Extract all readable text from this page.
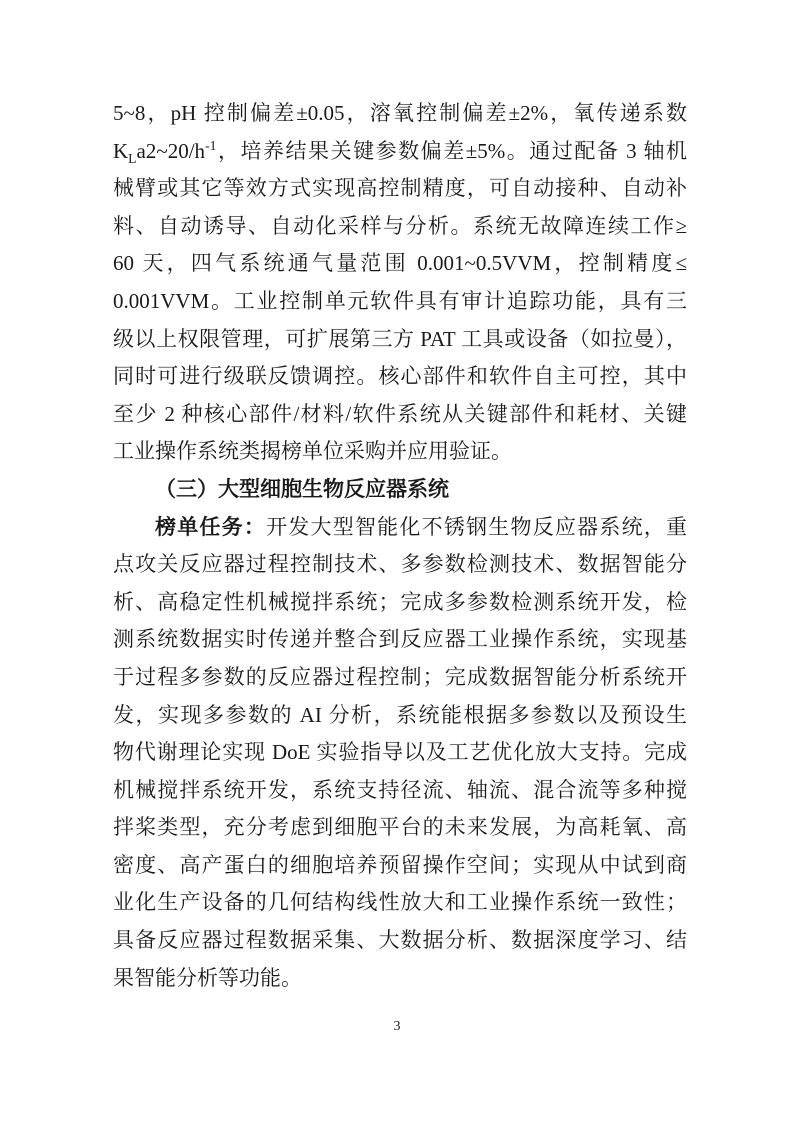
5~8，pH 控制偏差±0.05，溶氧控制偏差±2%，氧传递系数
$K_La2\sim 20/h^{-1}$，培养结果关键参数偏差±5%。通过配备 3 轴机
械臂或其它等效方式实现高控制精度，可自动接种、自动补
料、自动诱导、自动化采样与分析。系统无故障连续工作≥
60 天，四气系统通气量范围 0.001~0.5VVM，控制精度≤
0.001VVM。工业控制单元软件具有审计追踪功能，具有三
级以上权限管理，可扩展第三方 PAT 工具或设备（如拉曼），
同时可进行级联反馈调控。核心部件和软件自主可控，其中
至少 2 种核心部件/材料/软件系统从关键部件和耗材、关键
工业操作系统类揭榜单位采购并应用验证。
（三）大型细胞生物反应器系统
榜单任务：开发大型智能化不锈钢生物反应器系统，重
点攻关反应器过程控制技术、多参数检测技术、数据智能分
析、高稳定性机械搅拌系统；完成多参数检测系统开发，检
测系统数据实时传递并整合到反应器工业操作系统，实现基
于过程多参数的反应器过程控制；完成数据智能分析系统开
发，实现多参数的 AI 分析，系统能根据多参数以及预设生
物代谢理论实现 DoE 实验指导以及工艺优化放大支持。完成
机械搅拌系统开发，系统支持径流、轴流、混合流等多种搅
拌桨类型，充分考虑到细胞平台的未来发展，为高耗氧、高
密度、高产蛋白的细胞培养预留操作空间；实现从中试到商
业化生产设备的几何结构线性放大和工业操作系统一致性；
具备反应器过程数据采集、大数据分析、数据深度学习、结
果智能分析等功能。
3
